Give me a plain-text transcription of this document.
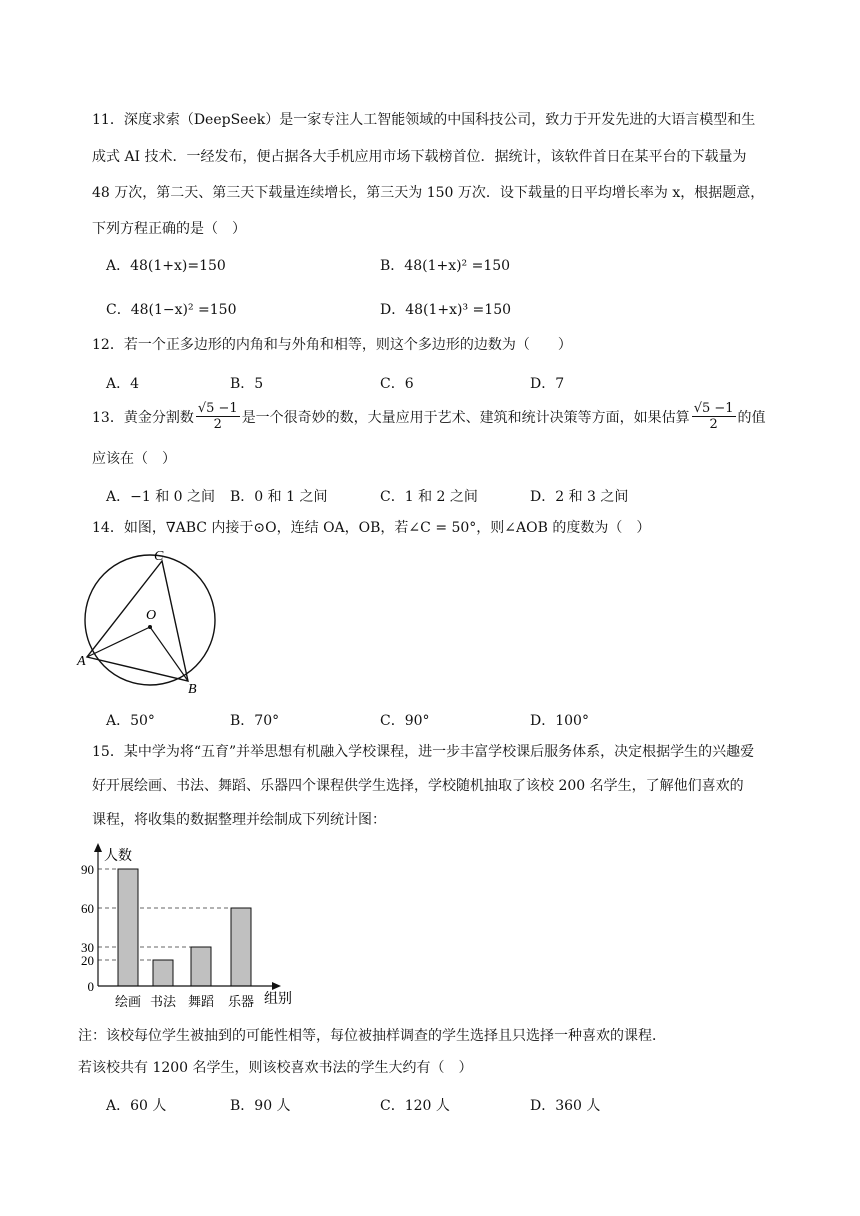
11．深度求索（DeepSeek）是一家专注人工智能领域的中国科技公司，致力于开发先进的大语言模型和生
成式 AI 技术．一经发布，便占据各大手机应用市场下载榜首位．据统计，该软件首日在某平台的下载量为
48 万次，第二天、第三天下载量连续增长，第三天为 150 万次．设下载量的日平均增长率为 x，根据题意，
下列方程正确的是（　）
A．48(1+x)=150	B．48(1+x)² =150
C．48(1−x)² =150	D．48(1+x)³ =150
12．若一个正多边形的内角和与外角和相等，则这个多边形的边数为（　　）
A．4	B．5	C．6	D．7
13．黄金分割数 $\frac{√5 -1}{2}$ 是一个很奇妙的数，大量应用于艺术、建筑和统计决策等方面，如果估算 $\frac{√5 -1}{2}$ 的值
应该在（　）
A．−1 和 0 之间 B．0 和 1 之间	C．1 和 2 之间	D．2 和 3 之间
14．如图，∇ABC 内接于⊙O，连结 OA，OB，若∠C = 50°，则∠AOB 的度数为（　）
C
O
A
B
A．50°	B．70°	C．90°	D．100°
15．某中学为将“五育”并举思想有机融入学校课程，进一步丰富学校课后服务体系，决定根据学生的兴趣爱
好开展绘画、书法、舞蹈、乐器四个课程供学生选择，学校随机抽取了该校 200 名学生，了解他们喜欢的
课程，将收集的数据整理并绘制成下列统计图：
人数
组别
0
20
30
60
90
绘画 书法 舞蹈 乐器
注：该校每位学生被抽到的可能性相等，每位被抽样调查的学生选择且只选择一种喜欢的课程．
若该校共有 1200 名学生，则该校喜欢书法的学生大约有（　）
A．60 人	B．90 人	C．120 人	D．360 人
